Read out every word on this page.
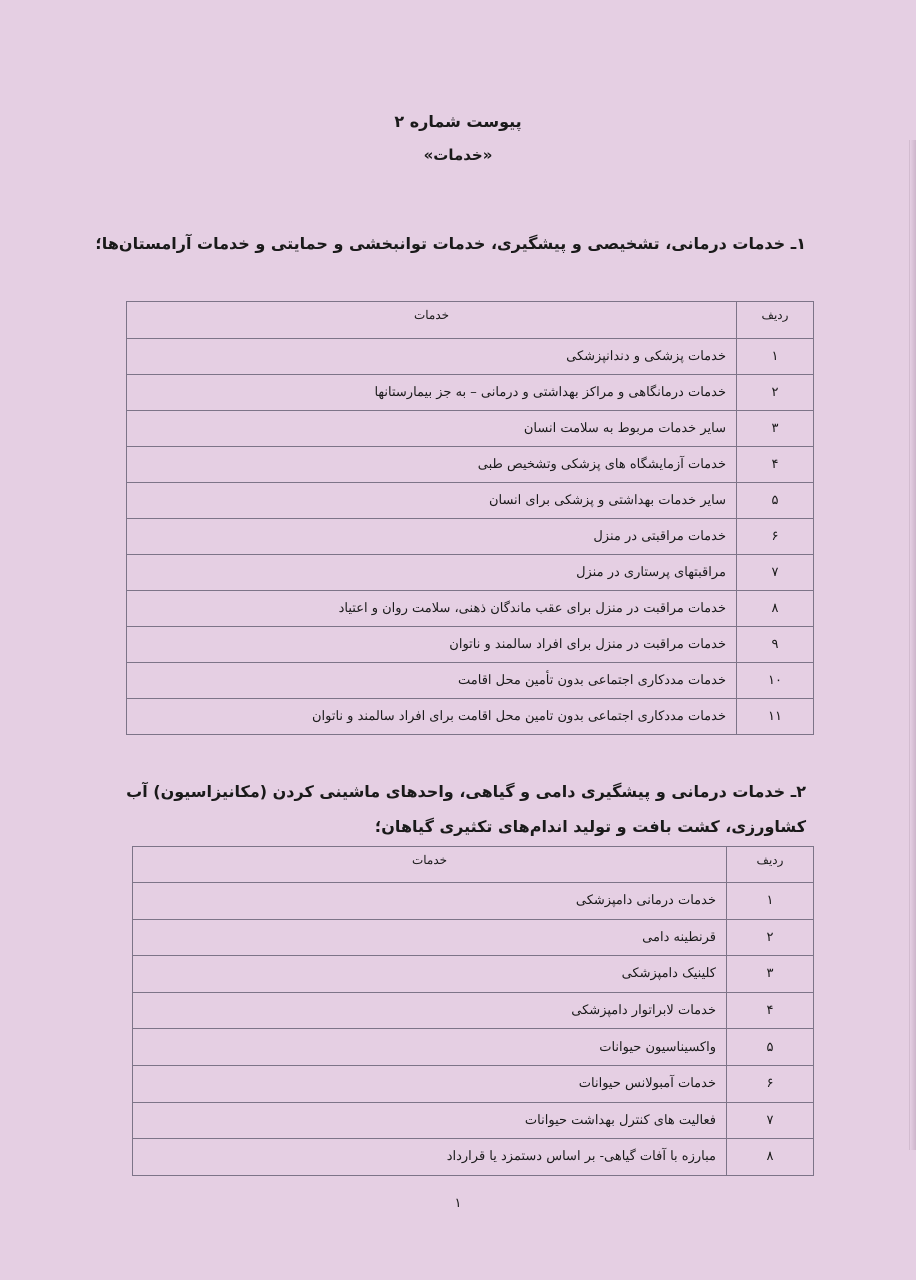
پیوست شماره ۲
«خدمات»
۱ـ خدمات درمانی، تشخیصی و پیشگیری، خدمات توانبخشی و حمایتی و خدمات آرامستان‌ها؛
ردیف	خدمات
۱	خدمات پزشکی و دندانپزشکی
۲	خدمات درمانگاهی و مراکز بهداشتی و درمانی – به جز بیمارستانها
۳	سایر خدمات مربوط به سلامت انسان
۴	خدمات آزمایشگاه های پزشکی وتشخیص طبی
۵	سایر خدمات بهداشتی و پزشکی برای انسان
۶	خدمات مراقبتی در منزل
۷	مراقبتهای پرستاری در منزل
۸	خدمات مراقبت در منزل برای عقب ماندگان ذهنی، سلامت روان و اعتیاد
۹	خدمات مراقبت در منزل برای افراد سالمند و ناتوان
۱۰	خدمات مددکاری اجتماعی بدون تأمین محل اقامت
۱۱	خدمات مددکاری اجتماعی بدون تامین محل اقامت برای افراد سالمند و ناتوان
۲ـ خدمات درمانی و پیشگیری دامی و گیاهی، واحدهای ماشینی کردن (مکانیزاسیون) آب
کشاورزی، کشت بافت و تولید اندام‌های تکثیری گیاهان؛
ردیف	خدمات
۱	خدمات درمانی دامپزشکی
۲	قرنطینه دامی
۳	کلینیک دامپزشکی
۴	خدمات لابراتوار دامپزشکی
۵	واکسیناسیون حیوانات
۶	خدمات آمبولانس حیوانات
۷	فعالیت های کنترل بهداشت حیوانات
۸	مبارزه با آفات گیاهی- بر اساس دستمزد یا قرارداد
۱
